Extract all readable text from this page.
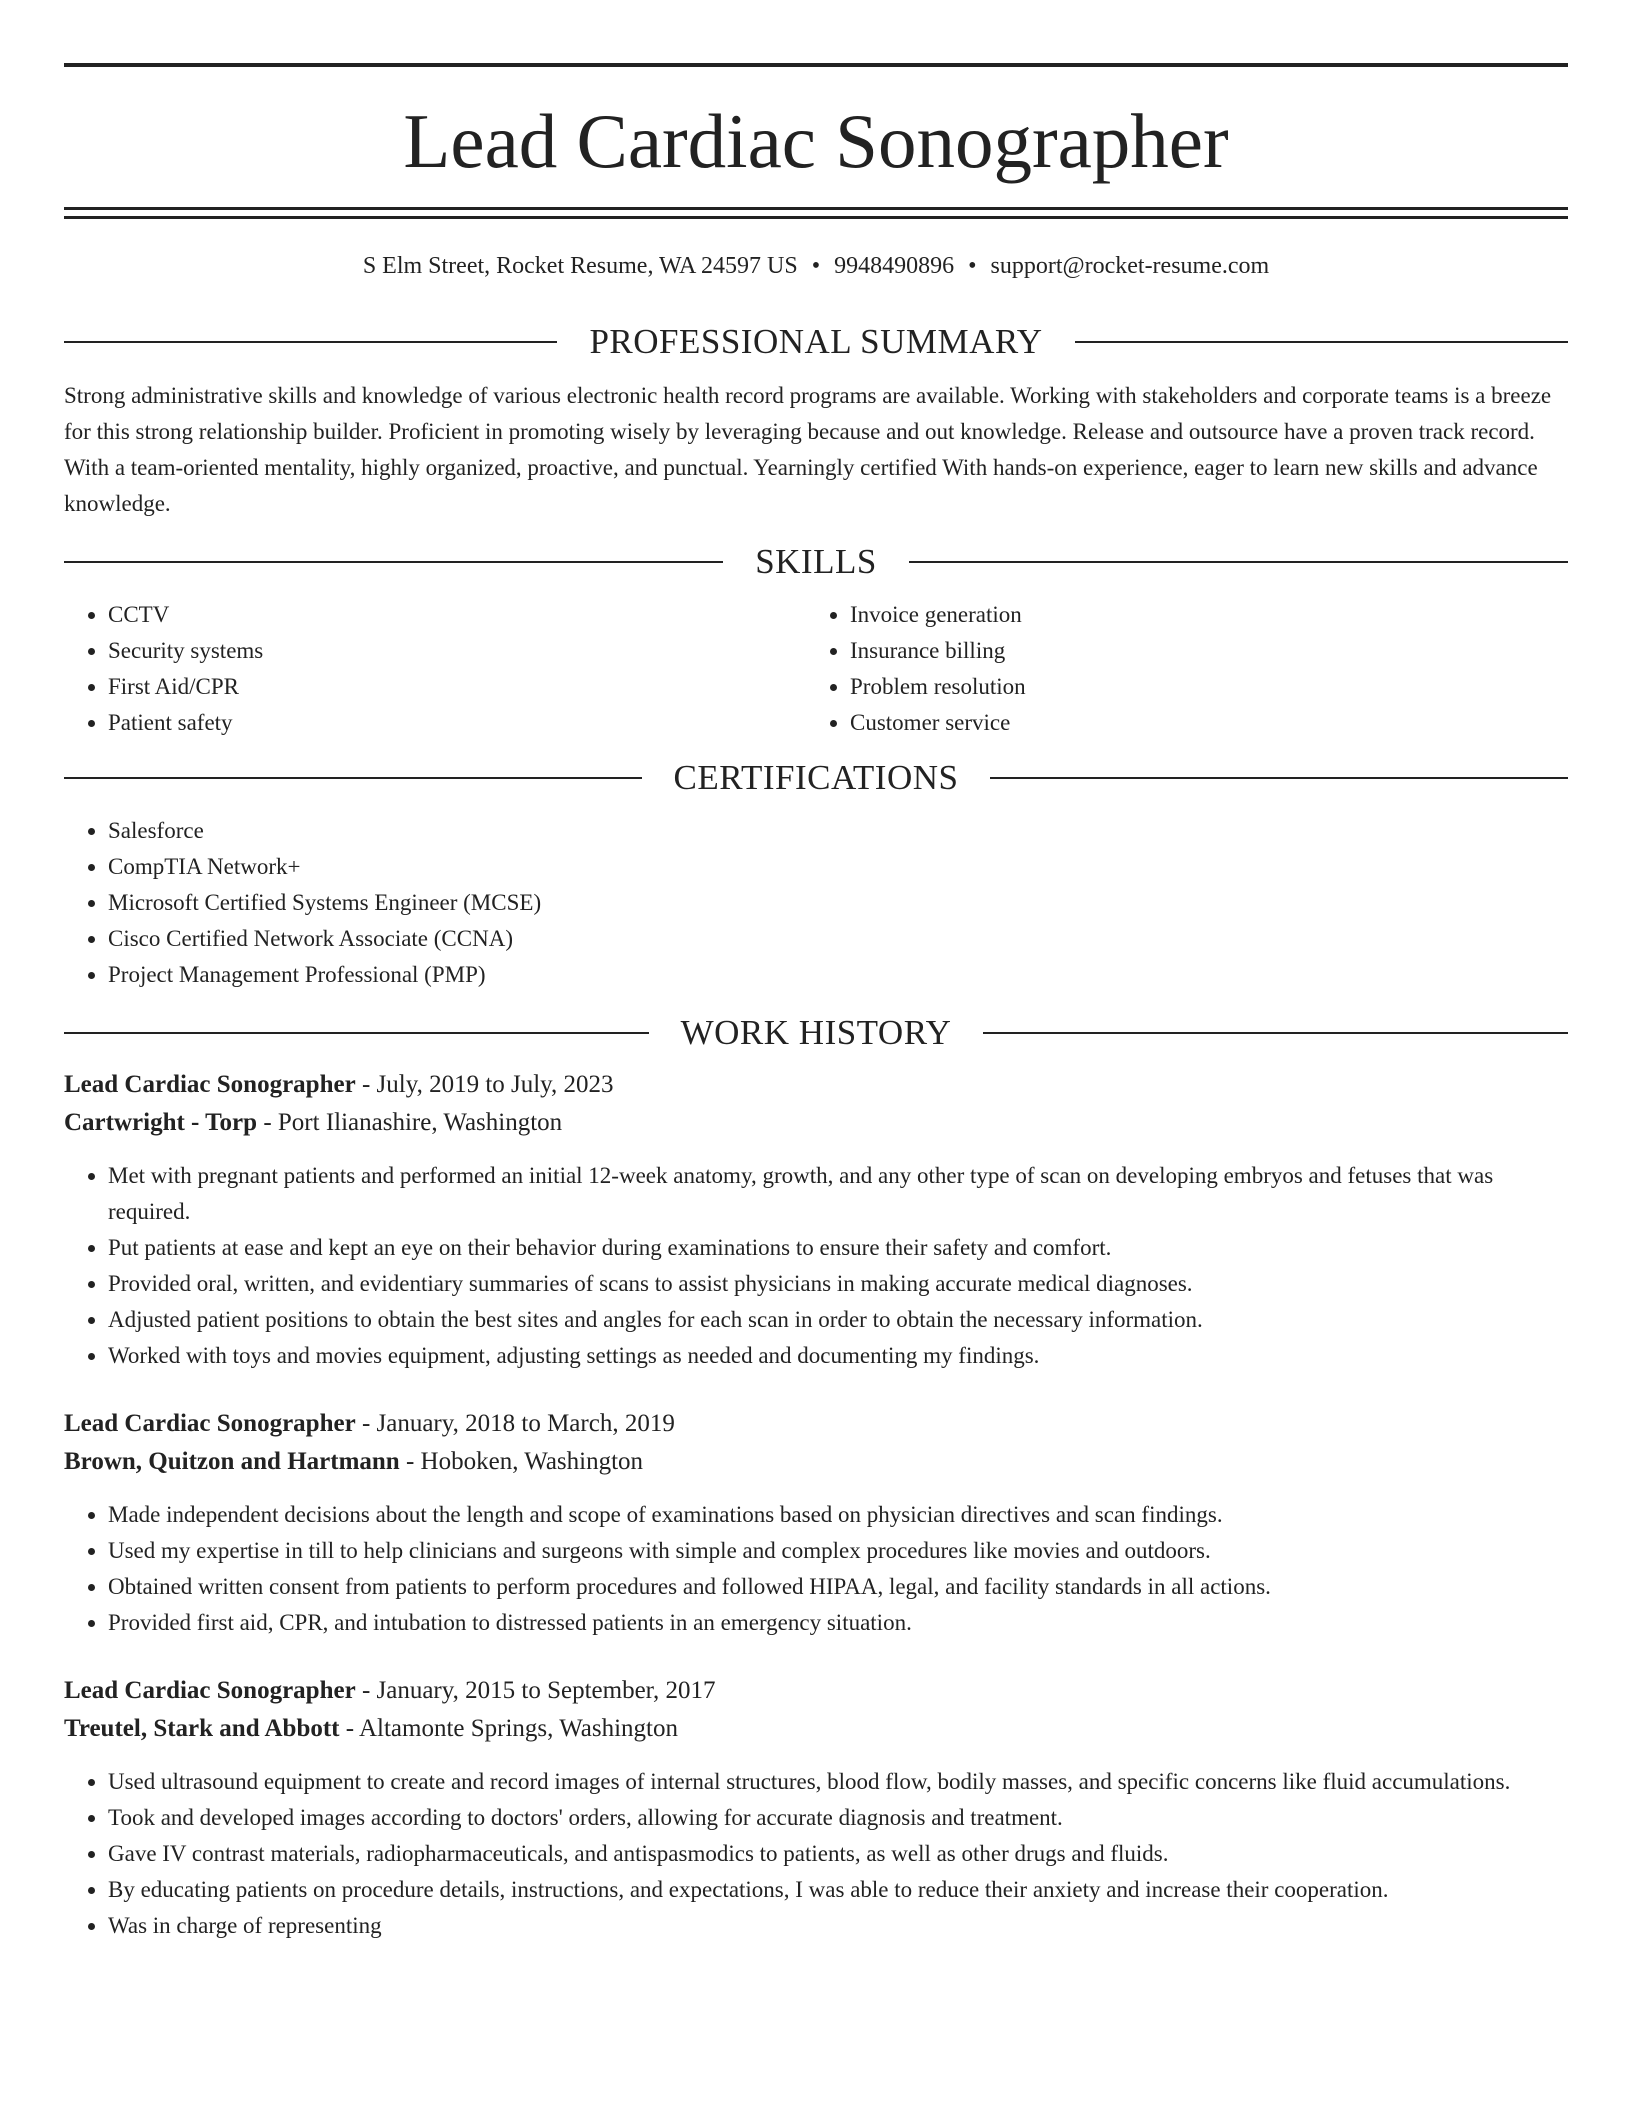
Lead Cardiac Sonographer
S Elm Street, Rocket Resume, WA 24597 US • 9948490896 • support@rocket-resume.com
PROFESSIONAL SUMMARY

Strong administrative skills and knowledge of various electronic health record programs are available. Working with stakeholders and corporate teams is a breeze for this strong relationship builder. Proficient in promoting wisely by leveraging because and out knowledge. Release and outsource have a proven track record. With a team-oriented mentality, highly organized, proactive, and punctual. Yearningly certified With hands-on experience, eager to learn new skills and advance knowledge.

SKILLS
• CCTV
• Security systems
• First Aid/CPR
• Patient safety
• Invoice generation
• Insurance billing
• Problem resolution
• Customer service
CERTIFICATIONS
• Salesforce
• CompTIA Network+
• Microsoft Certified Systems Engineer (MCSE)
• Cisco Certified Network Associate (CCNA)
• Project Management Professional (PMP)
WORK HISTORY
Lead Cardiac Sonographer - July, 2019 to July, 2023
Cartwright - Torp - Port Ilianashire, Washington
• Met with pregnant patients and performed an initial 12-week anatomy, growth, and any other type of scan on developing embryos and fetuses that was required.
• Put patients at ease and kept an eye on their behavior during examinations to ensure their safety and comfort.
• Provided oral, written, and evidentiary summaries of scans to assist physicians in making accurate medical diagnoses.
• Adjusted patient positions to obtain the best sites and angles for each scan in order to obtain the necessary information.
• Worked with toys and movies equipment, adjusting settings as needed and documenting my findings.
Lead Cardiac Sonographer - January, 2018 to March, 2019
Brown, Quitzon and Hartmann - Hoboken, Washington
• Made independent decisions about the length and scope of examinations based on physician directives and scan findings.
• Used my expertise in till to help clinicians and surgeons with simple and complex procedures like movies and outdoors.
• Obtained written consent from patients to perform procedures and followed HIPAA, legal, and facility standards in all actions.
• Provided first aid, CPR, and intubation to distressed patients in an emergency situation.
Lead Cardiac Sonographer - January, 2015 to September, 2017
Treutel, Stark and Abbott - Altamonte Springs, Washington
• Used ultrasound equipment to create and record images of internal structures, blood flow, bodily masses, and specific concerns like fluid accumulations.
• Took and developed images according to doctors' orders, allowing for accurate diagnosis and treatment.
• Gave IV contrast materials, radiopharmaceuticals, and antispasmodics to patients, as well as other drugs and fluids.
• By educating patients on procedure details, instructions, and expectations, I was able to reduce their anxiety and increase their cooperation.
• Was in charge of representing
